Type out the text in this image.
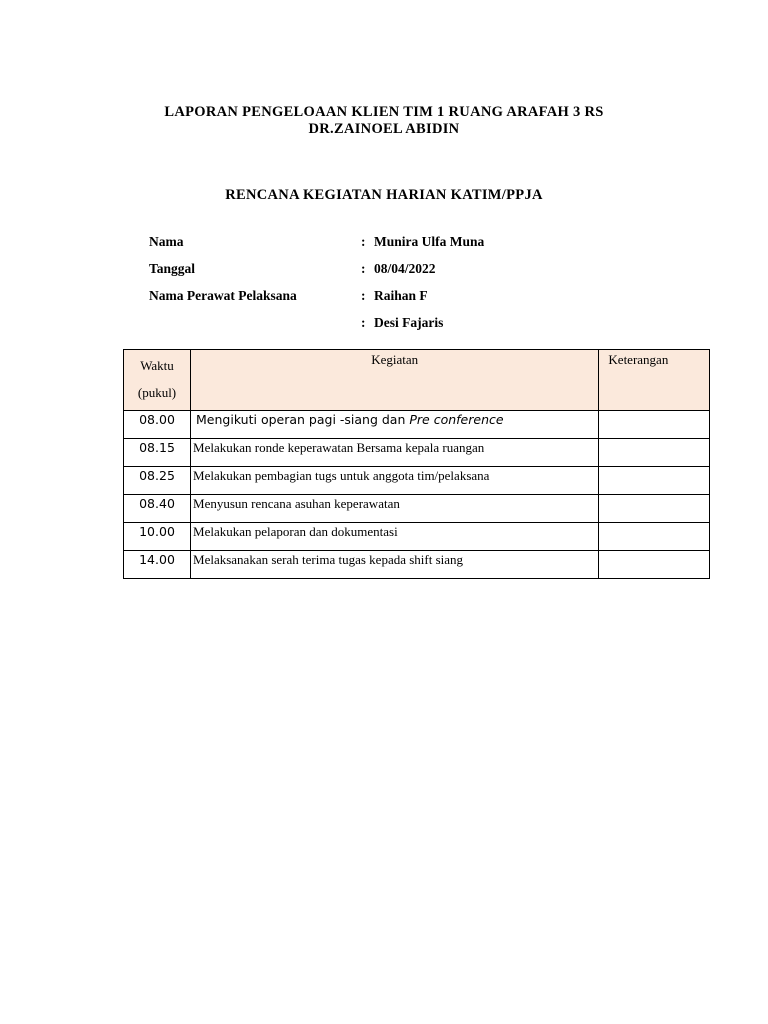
LAPORAN PENGELOAAN KLIEN TIM 1 RUANG ARAFAH 3 RS
DR.ZAINOEL ABIDIN
RENCANA KEGIATAN HARIAN KATIM/PPJA
Nama	: Munira Ulfa Muna
Tanggal	: 08/04/2022
Nama Perawat Pelaksana	: Raihan F
: Desi Fajaris
Waktu
(pukul)	Kegiatan	Keterangan
08.00	Mengikuti operan pagi -siang dan Pre conference	
08.15	Melakukan ronde keperawatan Bersama kepala ruangan	
08.25	Melakukan pembagian tugs untuk anggota tim/pelaksana	
08.40	Menyusun rencana asuhan keperawatan	
10.00	Melakukan pelaporan dan dokumentasi	
14.00	Melaksanakan serah terima tugas kepada shift siang	
